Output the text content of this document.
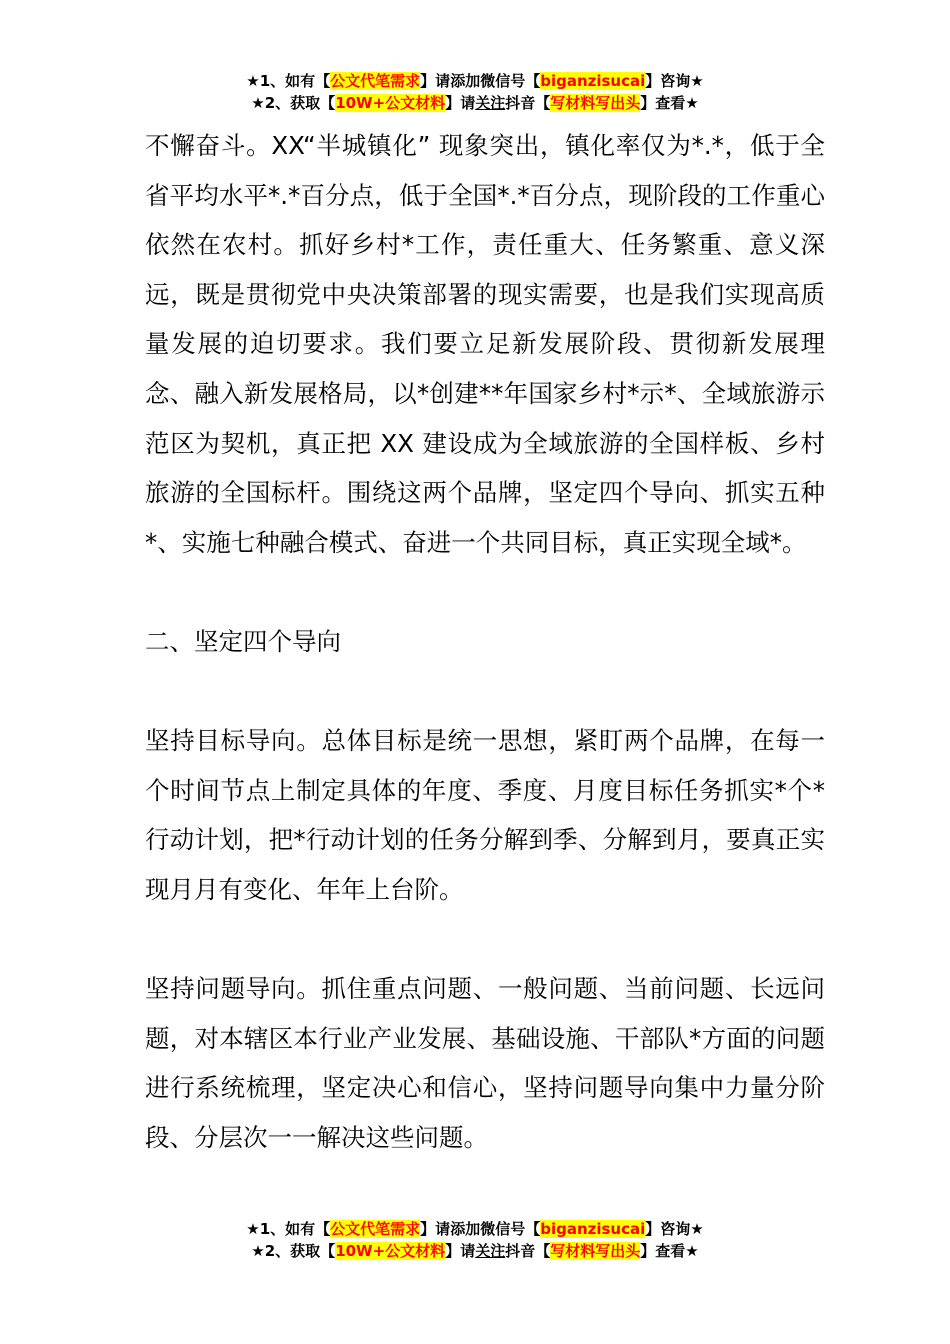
★1、如有【公文代笔需求】请添加微信号【biganzisucai】咨询★
★2、获取【10W+公文材料】请关注抖音【写材料写出头】查看★

不懈奋斗。XX“半城镇化” 现象突出，镇化率仅为*.*，低于全省平均水平*.*百分点，低于全国*.*百分点，现阶段的工作重心依然在农村。抓好乡村*工作，责任重大、任务繁重、意义深远，既是贯彻党中央决策部署的现实需要，也是我们实现高质量发展的迫切要求。我们要立足新发展阶段、贯彻新发展理念、融入新发展格局，以*创建**年国家乡村*示*、全域旅游示范区为契机，真正把 XX 建设成为全域旅游的全国样板、乡村旅游的全国标杆。围绕这两个品牌，坚定四个导向、抓实五种*、实施七种融合模式、奋进一个共同目标，真正实现全域*。

二、坚定四个导向

坚持目标导向。总体目标是统一思想，紧盯两个品牌，在每一个时间节点上制定具体的年度、季度、月度目标任务抓实*个*行动计划，把*行动计划的任务分解到季、分解到月，要真正实现月月有变化、年年上台阶。

坚持问题导向。抓住重点问题、一般问题、当前问题、长远问题，对本辖区本行业产业发展、基础设施、干部队*方面的问题进行系统梳理，坚定决心和信心，坚持问题导向集中力量分阶段、分层次一一解决这些问题。

★1、如有【公文代笔需求】请添加微信号【biganzisucai】咨询★
★2、获取【10W+公文材料】请关注抖音【写材料写出头】查看★
